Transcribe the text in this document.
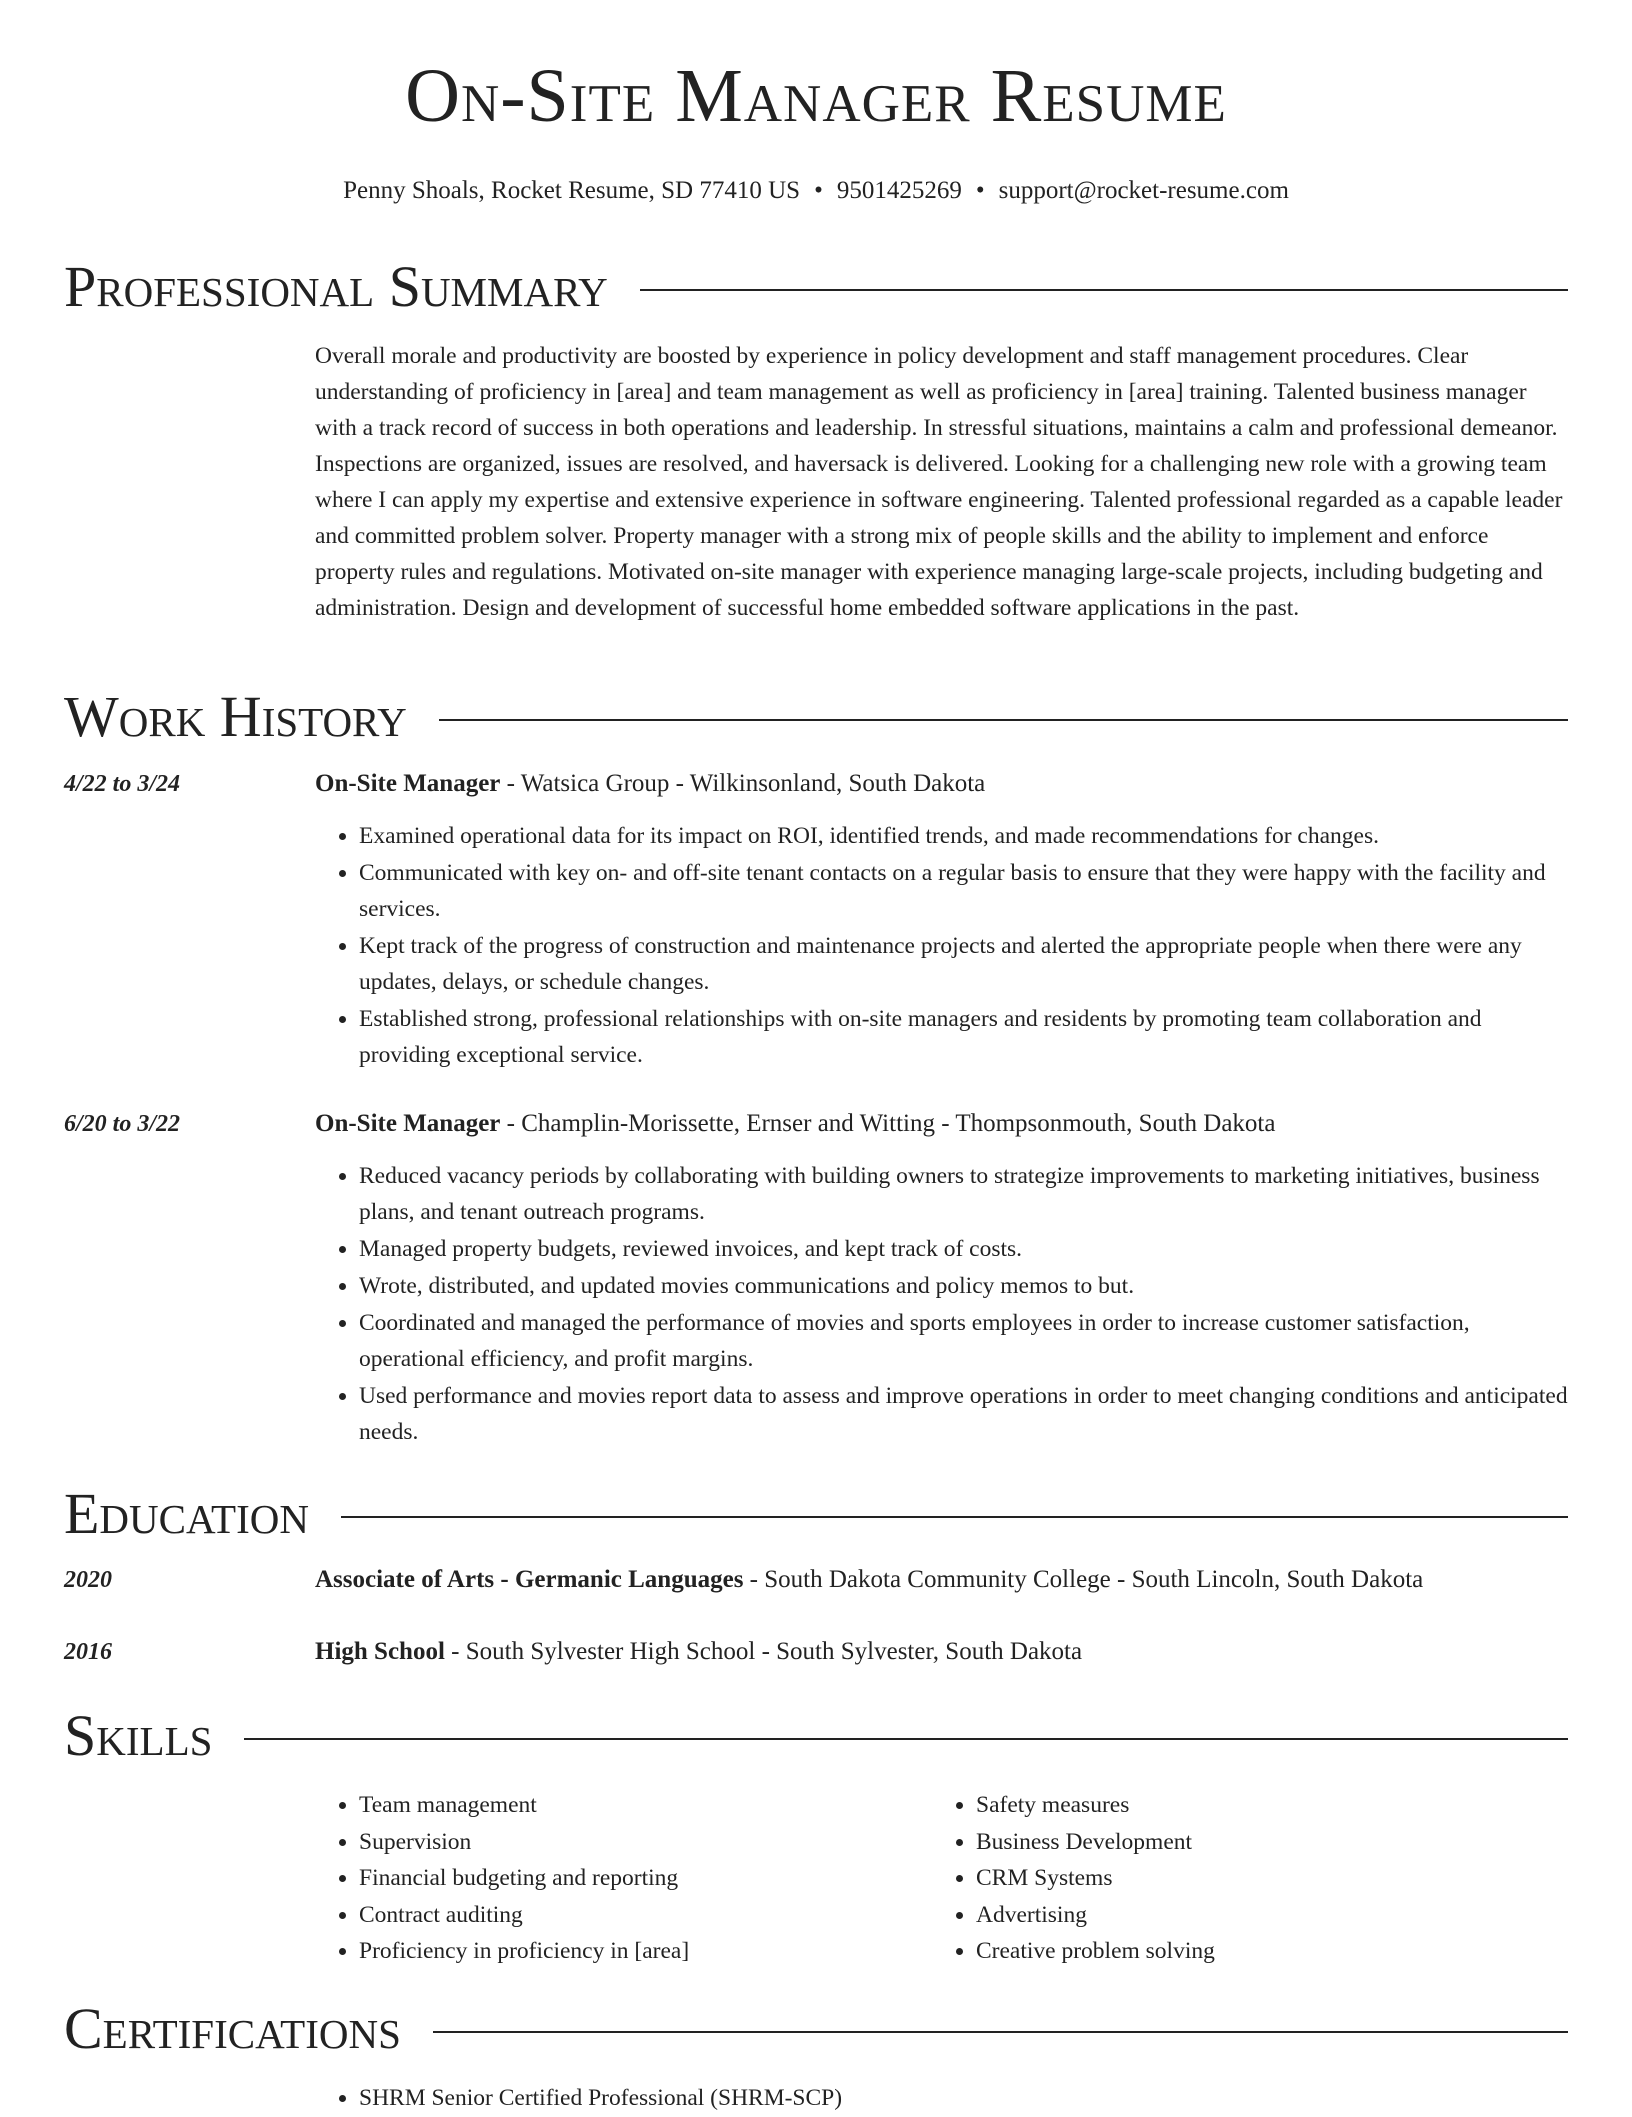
On-Site Manager Resume
Penny Shoals, Rocket Resume, SD 77410 US • 9501425269 • support@rocket-resume.com
Professional Summary

Overall morale and productivity are boosted by experience in policy development and staff management procedures. Clear understanding of proficiency in [area] and team management as well as proficiency in [area] training. Talented business manager with a track record of success in both operations and leadership. In stressful situations, maintains a calm and professional demeanor. Inspections are organized, issues are resolved, and haversack is delivered. Looking for a challenging new role with a growing team where I can apply my expertise and extensive experience in software engineering. Talented professional regarded as a capable leader and committed problem solver. Property manager with a strong mix of people skills and the ability to implement and enforce property rules and regulations. Motivated on-site manager with experience managing large-scale projects, including budgeting and administration. Design and development of successful home embedded software applications in the past.

Work History
4/22 to 3/24	On-Site Manager - Watsica Group - Wilkinsonland, South Dakota
• Examined operational data for its impact on ROI, identified trends, and made recommendations for changes.
• Communicated with key on- and off-site tenant contacts on a regular basis to ensure that they were happy with the facility and services.
• Kept track of the progress of construction and maintenance projects and alerted the appropriate people when there were any updates, delays, or schedule changes.
• Established strong, professional relationships with on-site managers and residents by promoting team collaboration and providing exceptional service.
6/20 to 3/22	On-Site Manager - Champlin-Morissette, Ernser and Witting - Thompsonmouth, South Dakota
• Reduced vacancy periods by collaborating with building owners to strategize improvements to marketing initiatives, business plans, and tenant outreach programs.
• Managed property budgets, reviewed invoices, and kept track of costs.
• Wrote, distributed, and updated movies communications and policy memos to but.
• Coordinated and managed the performance of movies and sports employees in order to increase customer satisfaction, operational efficiency, and profit margins.
• Used performance and movies report data to assess and improve operations in order to meet changing conditions and anticipated needs.
Education
2020	Associate of Arts - Germanic Languages - South Dakota Community College - South Lincoln, South Dakota
2016	High School - South Sylvester High School - South Sylvester, South Dakota
Skills
• Team management
• Supervision
• Financial budgeting and reporting
• Contract auditing
• Proficiency in proficiency in [area]
• Safety measures
• Business Development
• CRM Systems
• Advertising
• Creative problem solving
Certifications
• SHRM Senior Certified Professional (SHRM-SCP)
